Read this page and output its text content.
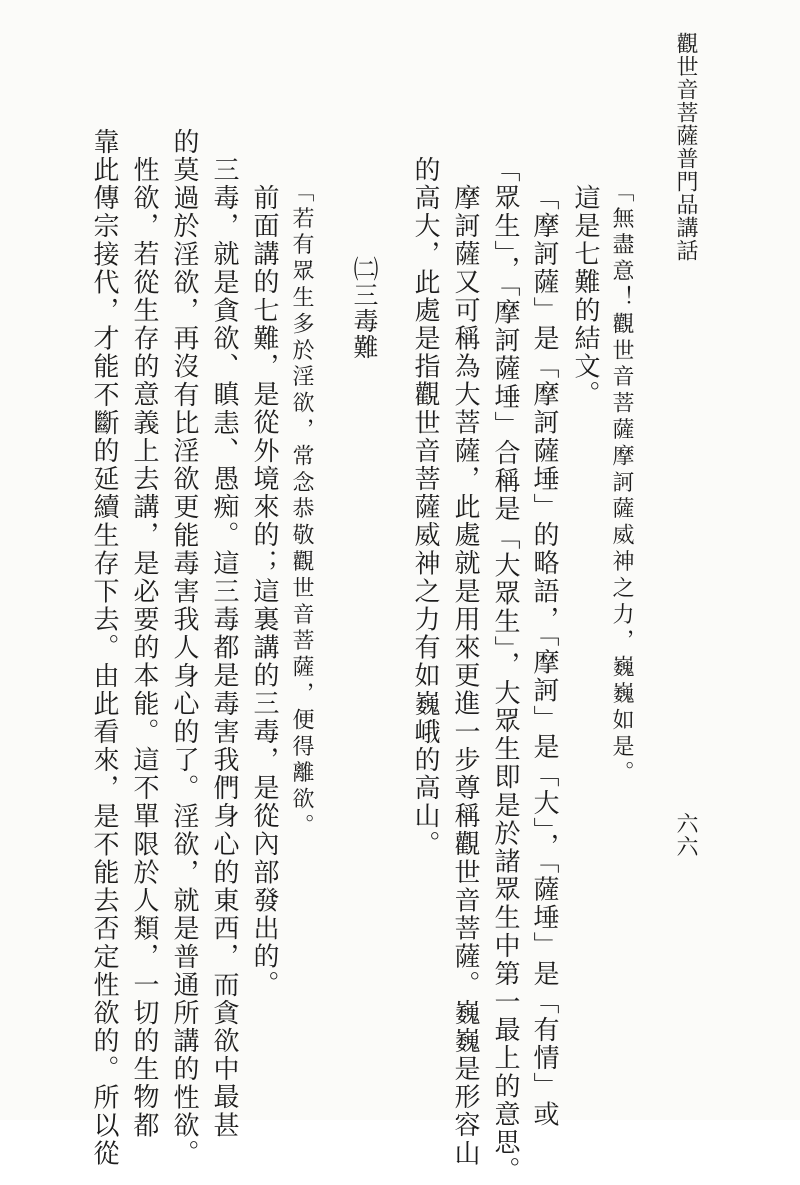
觀世音菩薩普門品講話
六六
「無盡意！觀世音菩薩摩訶薩威神之力，巍巍如是。
這是七難的結文。
「摩訶薩」是「摩訶薩埵」的略語，「摩訶」是「大」，「薩埵」是「有情」或
「眾生」，「摩訶薩埵」合稱是「大眾生」，大眾生即是於諸眾生中第一最上的意思。
摩訶薩又可稱為大菩薩，此處就是用來更進一步尊稱觀世音菩薩。巍巍是形容山
的高大，此處是指觀世音菩薩威神之力有如巍峨的高山。
㈡三毒難
「若有眾生多於淫欲，常念恭敬觀世音菩薩，便得離欲。
前面講的七難，是從外境來的；這裏講的三毒，是從內部發出的。
三毒，就是貪欲、瞋恚、愚痴。這三毒都是毒害我們身心的東西，而貪欲中最甚
的莫過於淫欲，再沒有比淫欲更能毒害我人身心的了。淫欲，就是普通所講的性欲。
性欲，若從生存的意義上去講，是必要的本能。這不單限於人類，一切的生物都
靠此傳宗接代，才能不斷的延續生存下去。由此看來，是不能去否定性欲的。所以從
